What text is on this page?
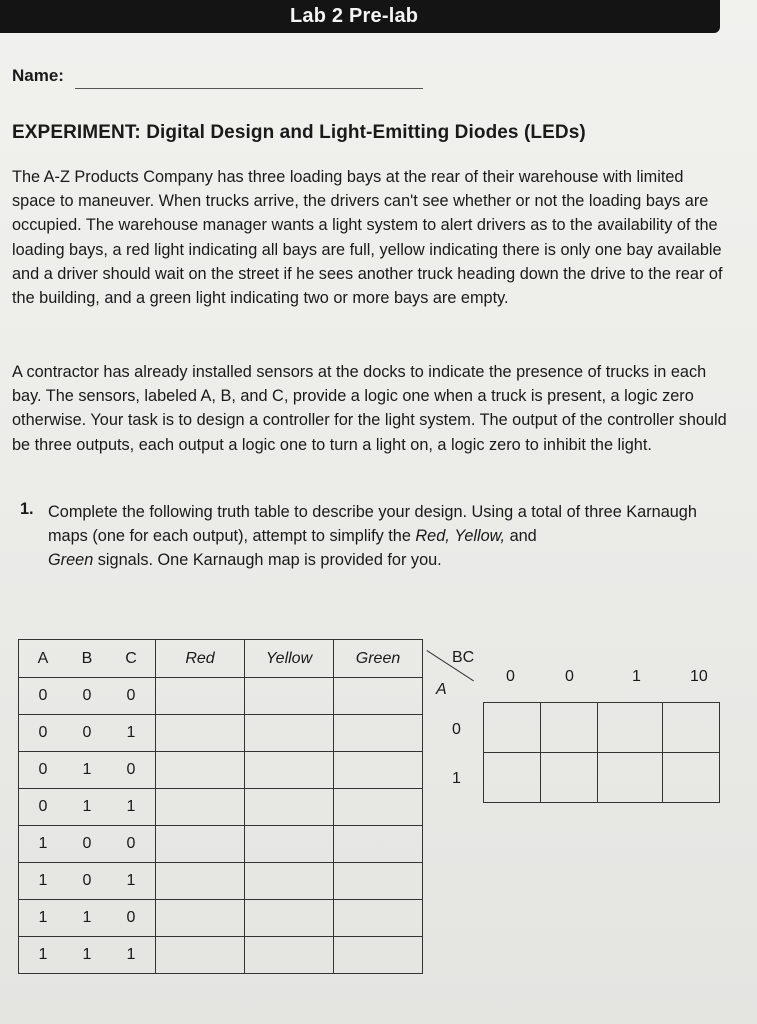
Lab 2 Pre-lab
Name:
EXPERIMENT: Digital Design and Light-Emitting Diodes (LEDs)

The A-Z Products Company has three loading bays at the rear of their warehouse with limited space to maneuver. When trucks arrive, the drivers can't see whether or not the loading bays are occupied. The warehouse manager wants a light system to alert drivers as to the availability of the loading bays, a red light indicating all bays are full, yellow indicating there is only one bay available and a driver should wait on the street if he sees another truck heading down the drive to the rear of the building, and a green light indicating two or more bays are empty.

A contractor has already installed sensors at the docks to indicate the presence of trucks in each bay. The sensors, labeled A, B, and C, provide a logic one when a truck is present, a logic zero otherwise. Your task is to design a controller for the light system. The output of the controller should be three outputs, each output a logic one to turn a light on, a logic zero to inhibit the light.

1. Complete the following truth table to describe your design. Using a total of three Karnaugh maps (one for each output), attempt to simplify the Red, Yellow, and
Green signals. One Karnaugh map is provided for you.

A B C	Red	Yellow	Green
0 0 0			
0 0 1			
0 1 0			
0 1 1			
1 0 0			
1 0 1			
1 1 0			
1 1 1			
BC
A
0	0	1	10
0
1
